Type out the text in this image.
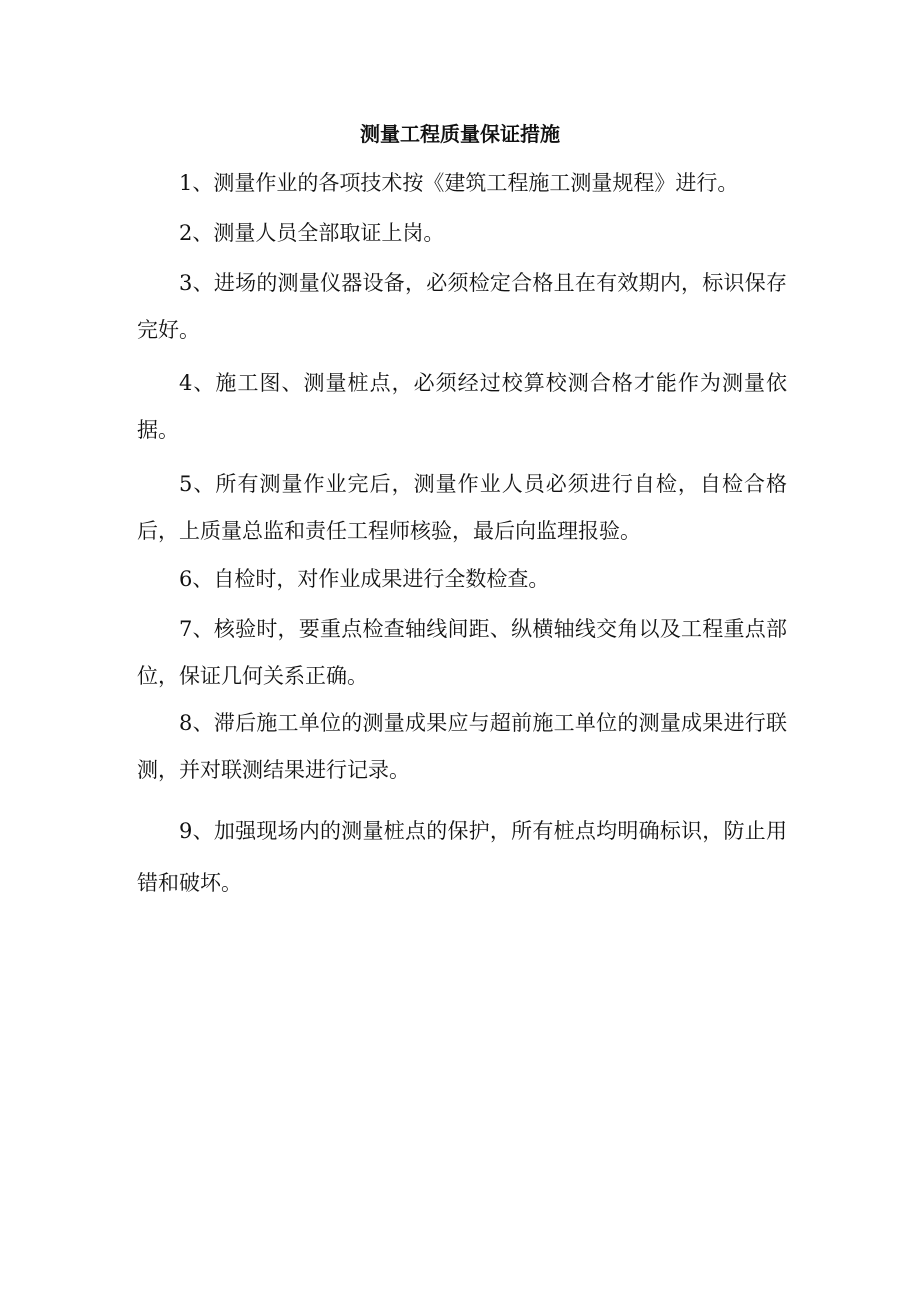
测量工程质量保证措施

1、测量作业的各项技术按《建筑工程施工测量规程》进行。

2、测量人员全部取证上岗。

3、进场的测量仪器设备，必须检定合格且在有效期内，标识保存完好。

4、施工图、测量桩点，必须经过校算校测合格才能作为测量依据。

5、所有测量作业完后，测量作业人员必须进行自检，自检合格后，上质量总监和责任工程师核验，最后向监理报验。

6、自检时，对作业成果进行全数检查。

7、核验时，要重点检查轴线间距、纵横轴线交角以及工程重点部位，保证几何关系正确。

8、滞后施工单位的测量成果应与超前施工单位的测量成果进行联测，并对联测结果进行记录。

9、加强现场内的测量桩点的保护，所有桩点均明确标识，防止用错和破坏。
